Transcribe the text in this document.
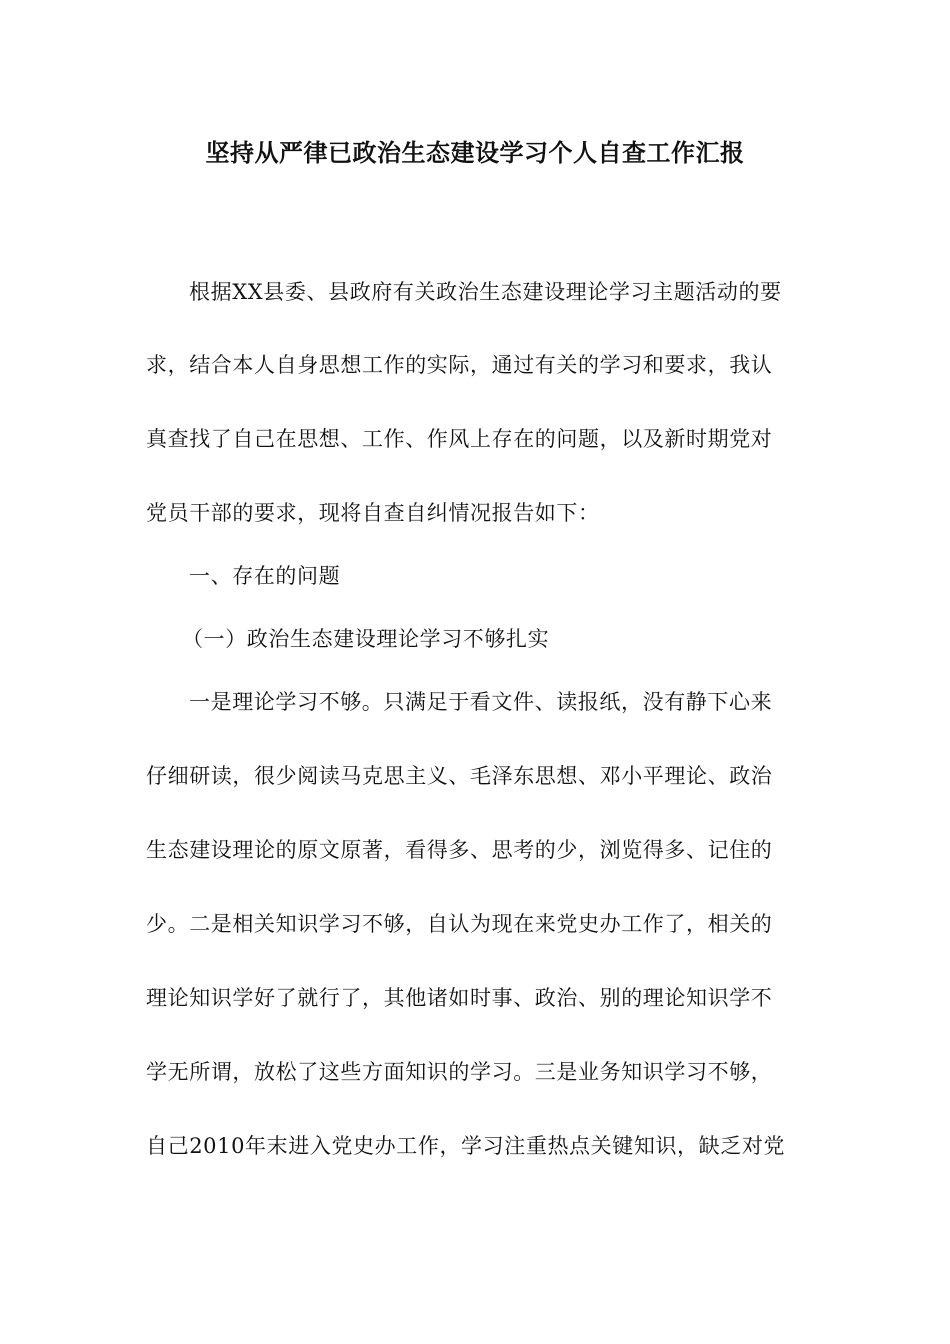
坚持从严律已政治生态建设学习个人自查工作汇报

根据XX县委、县政府有关政治生态建设理论学习主题活动的要

求，结合本人自身思想工作的实际，通过有关的学习和要求，我认

真查找了自己在思想、工作、作风上存在的问题，以及新时期党对

党员干部的要求，现将自查自纠情况报告如下：

一、存在的问题

（一）政治生态建设理论学习不够扎实

一是理论学习不够。只满足于看文件、读报纸，没有静下心来

仔细研读，很少阅读马克思主义、毛泽东思想、邓小平理论、政治

生态建设理论的原文原著，看得多、思考的少，浏览得多、记住的

少。二是相关知识学习不够，自认为现在来党史办工作了，相关的

理论知识学好了就行了，其他诸如时事、政治、别的理论知识学不

学无所谓，放松了这些方面知识的学习。三是业务知识学习不够，

自己2010年末进入党史办工作，学习注重热点关键知识，缺乏对党
